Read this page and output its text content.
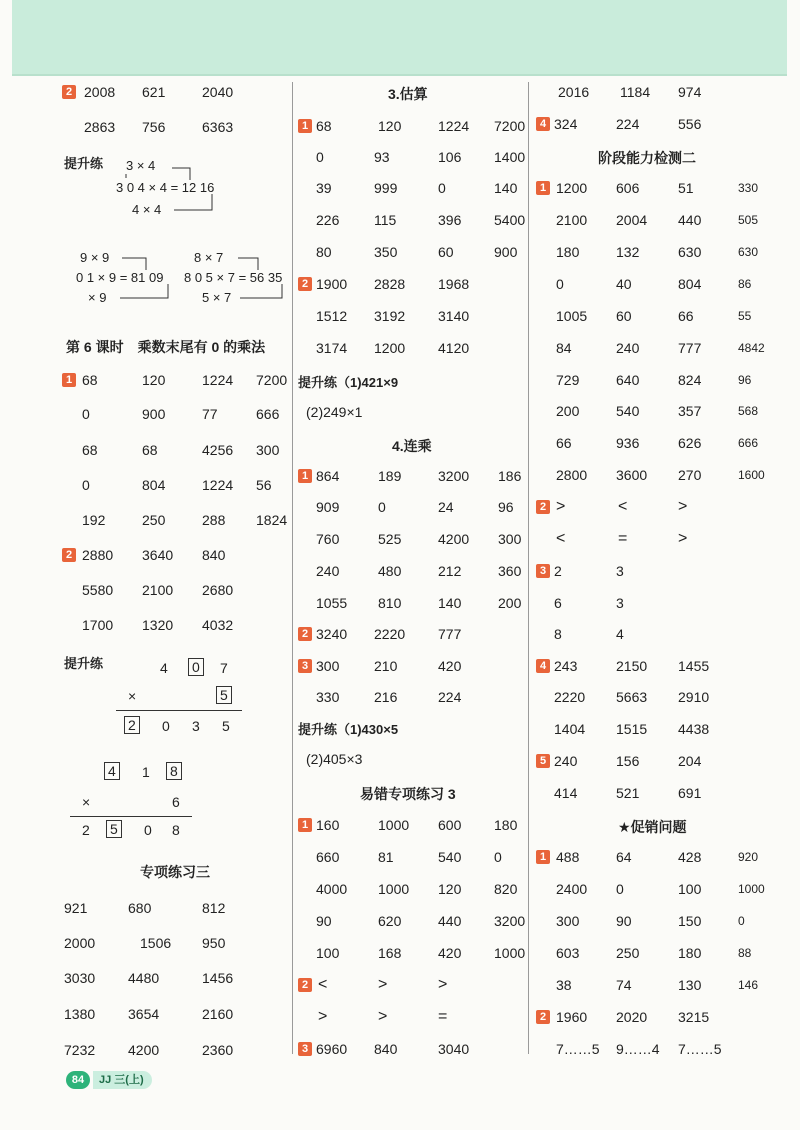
2 2008 621	2040
2863 756	6363
提升练 3 × 4
3 0 4 × 4 = 12 16
4 × 4
9 × 9
0 1 × 9 = 81 09
× 9
8 × 7
8 0 5 × 7 = 56 35
5 × 7
第 6 课时　乘数末尾有 0 的乘法
1 68	120	1224 7200
0	900	77	666
68	68	4256 300
0	804	1224 56
192	250	288 1824
2 2880 3640 840
5580 2100 2680
1700 1320 4032
提升练	4 0 7
×	5
2 0 3 5
4 1 8
×	6
2 5 0 8
专项练习三
921	680	812
2000	1506 950
3030 4480	1456
1380 3654	2160
7232 4200	2360
3.估算
1 68	120	1224 7200
0	93	106 1400
39	999	0	140
226 115	396 5400
80	350	60	900
2 1900 2828 1968
1512 3192 3140
3174 1200 4120
提升练（1)421×9
(2)249×1
4.连乘
1 864	189	3200 186
909	0	24	96
760	525	4200 300
240	480	212	360
1055 810	140	200
2 3240 2220 777
3 300 210	420
330 216	224
提升练（1)430×5
(2)405×3
易错专项练习 3
1 160	1000 600 180
660	81	540 0
4000 1000 120 820
90	620	440 3200
100	168	420 1000
2 <	>	>
>	>	=
3 6960 840	3040
2016 1184 974
4 324	224	556
阶段能力检测二
1 1200 606	51	330
2100 2004 440	505
180	132	630	630
0	40	804	86
1005 60	66	55
84	240	777	4842
729	640	824	96
200	540	357	568
66	936	626	666
2800 3600 270	1600
2 >	<	>
<	=	>
3 2	3
6	3
8	4
4 243	2150 1455
2220 5663 2910
1404 1515 4438
5 240	156	204
414	521	691
★促销问题
1 488	64	428	920
2400 0	100	1000
300	90	150	0
603	250	180	88
38	74	130	146
2 1960 2020 3215
7……5 9……4 7……5
84	JJ 三(上)
